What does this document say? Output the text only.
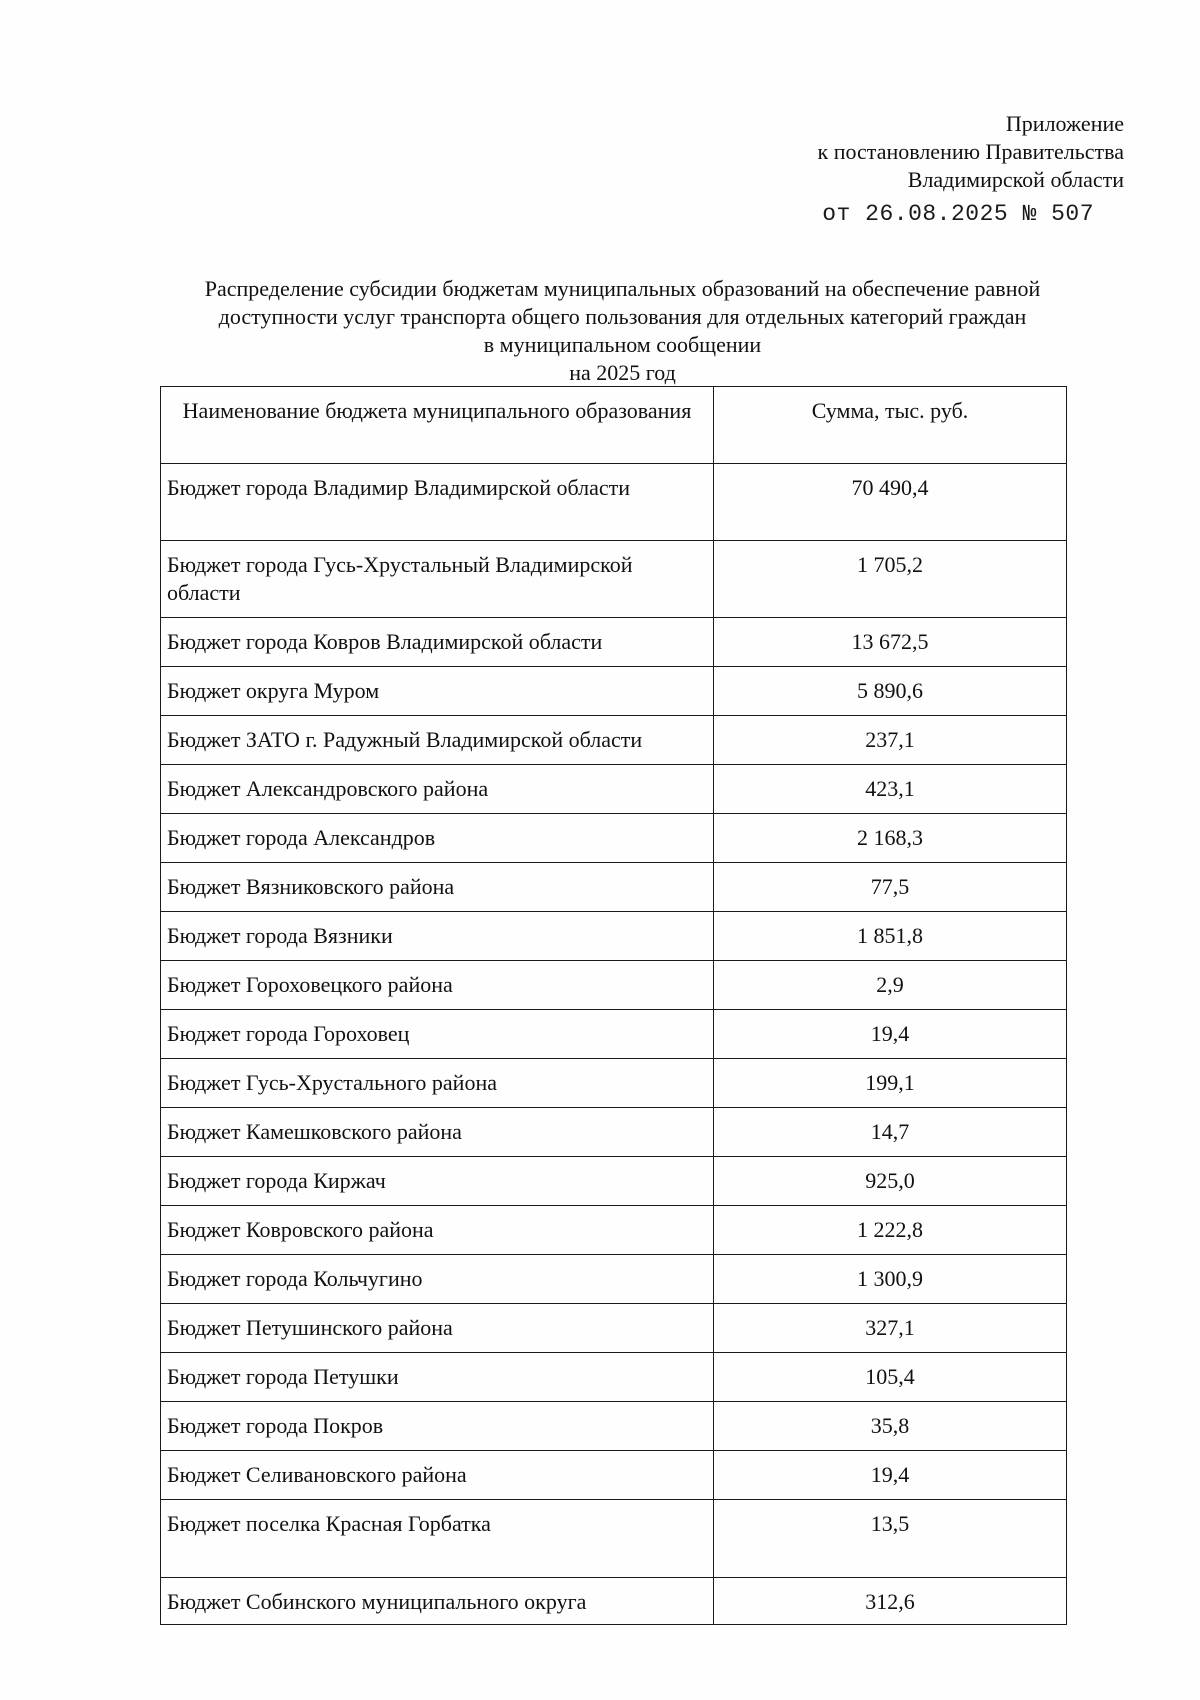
Приложение
к постановлению Правительства
Владимирской области
от 26.08.2025 № 507
Распределение субсидии бюджетам муниципальных образований на обеспечение равной
доступности услуг транспорта общего пользования для отдельных категорий граждан
в муниципальном сообщении
на 2025 год
Наименование бюджета муниципального образования	Сумма, тыс. руб.
Бюджет города Владимир Владимирской области	70 490,4
Бюджет города Гусь-Хрустальный Владимирской области	1 705,2
Бюджет города Ковров Владимирской области	13 672,5
Бюджет округа Муром	5 890,6
Бюджет ЗАТО г. Радужный Владимирской области	237,1
Бюджет Александровского района	423,1
Бюджет города Александров	2 168,3
Бюджет Вязниковского района	77,5
Бюджет города Вязники	1 851,8
Бюджет Гороховецкого района	2,9
Бюджет города Гороховец	19,4
Бюджет Гусь-Хрустального района	199,1
Бюджет Камешковского района	14,7
Бюджет города Киржач	925,0
Бюджет Ковровского района	1 222,8
Бюджет города Кольчугино	1 300,9
Бюджет Петушинского района	327,1
Бюджет города Петушки	105,4
Бюджет города Покров	35,8
Бюджет Селивановского района	19,4
Бюджет поселка Красная Горбатка	13,5
Бюджет Собинского муниципального округа	312,6
